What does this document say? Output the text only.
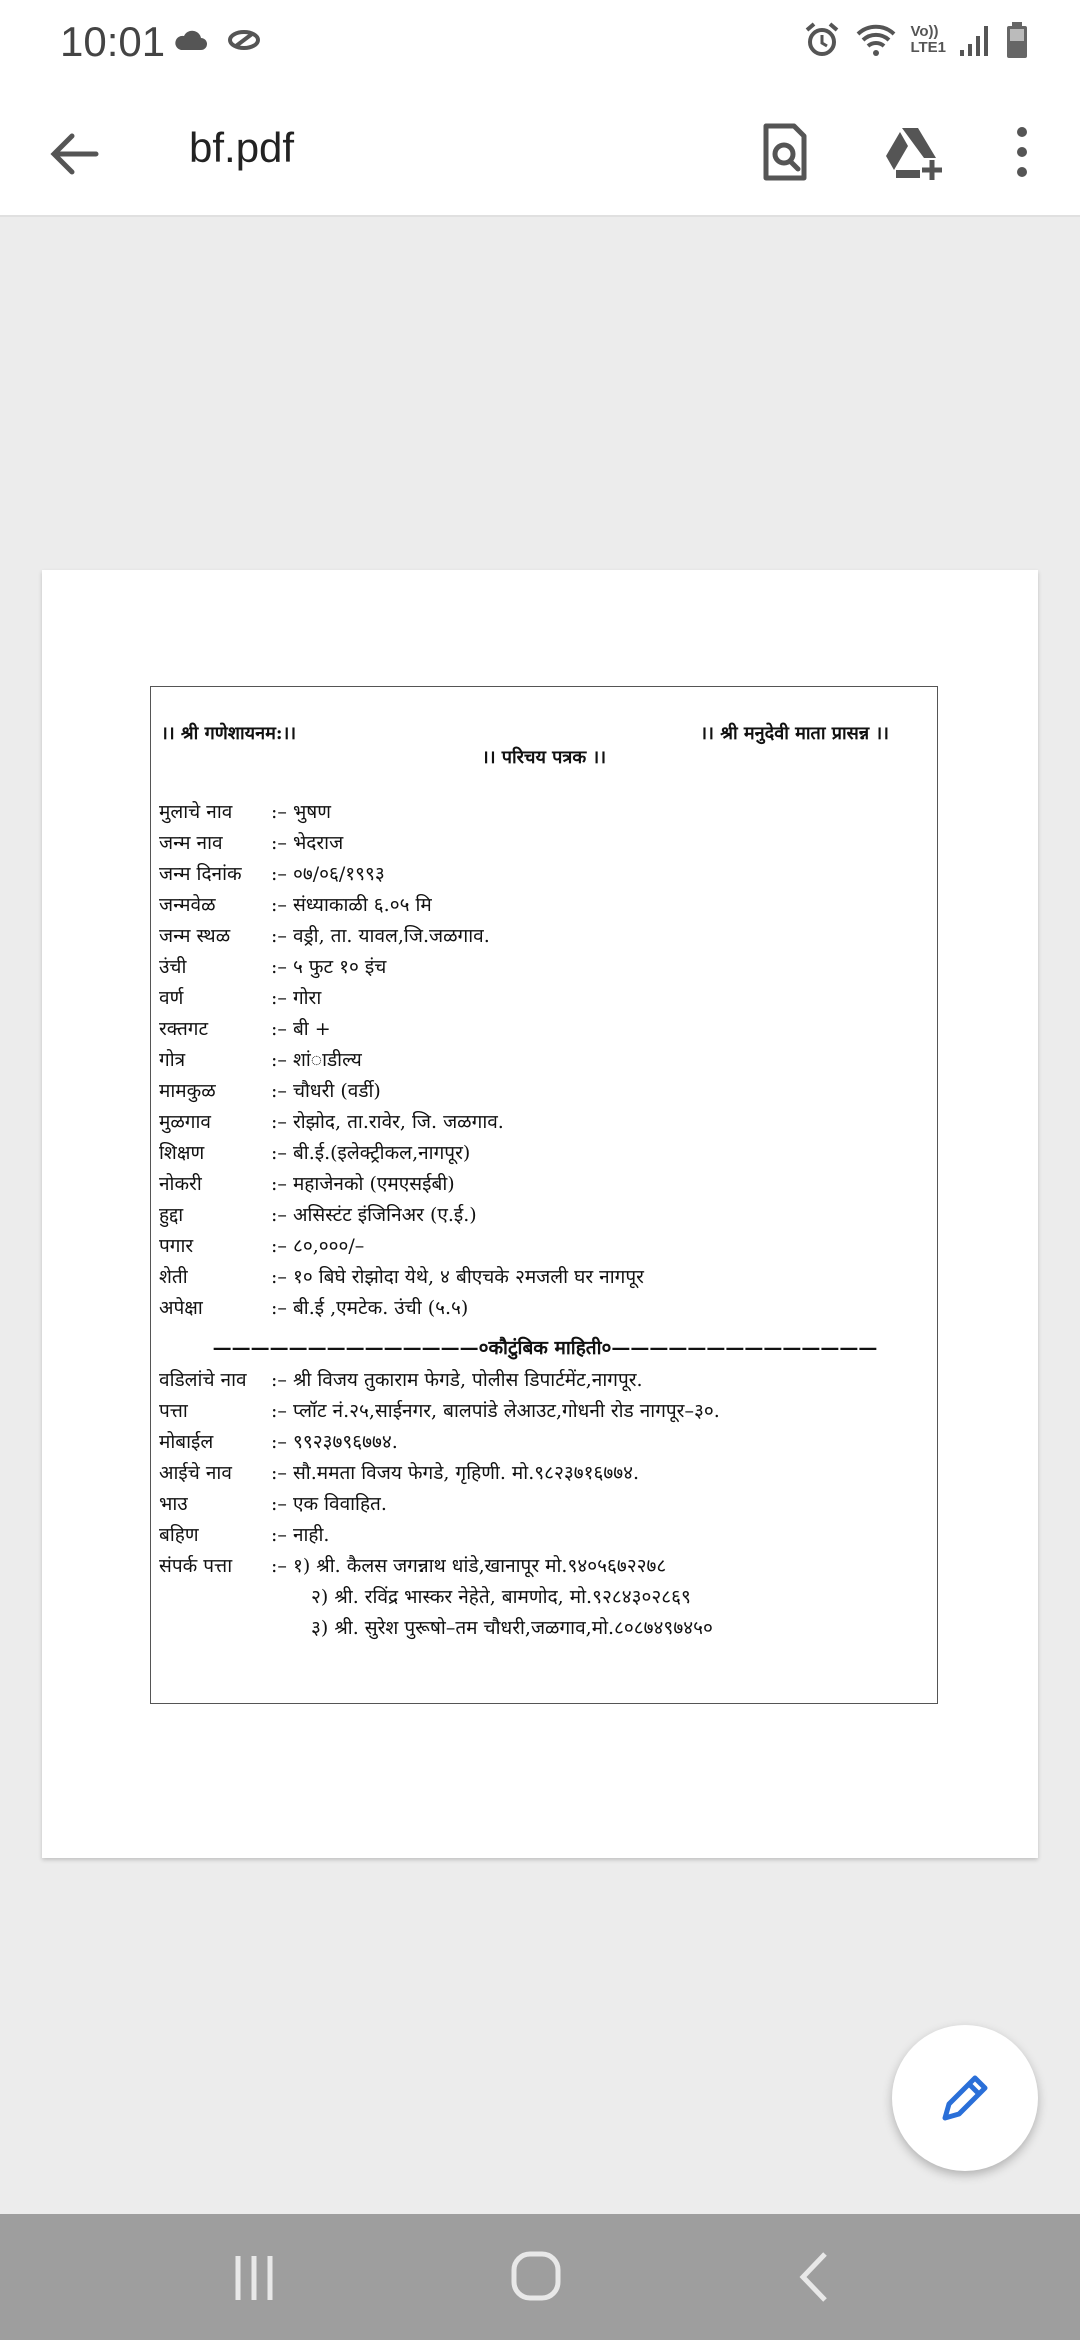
10:01	Vo))
LTE1
bf.pdf
।। श्री गणेशायनम:।।	।। श्री मनुदेवी माता प्रासन्न ।।
।। परिचय पत्रक ।।
मुलाचे नाव :– भुषण
जन्म नाव	:– भेदराज
जन्म दिनांक :– ०७/०६/१९९३
जन्मवेळ	:– संध्याकाळी ६.०५ मि
जन्म स्थळ :– वड्री, ता. यावल,जि.जळगाव.
उंची	:– ५ फुट १० इंच
वर्ण	:– गोरा
रक्तगट	:– बी +
गोत्र	:– शांाडील्य
मामकुळ	:– चौधरी (वर्डी)
मुळगाव	:– रोझोद, ता.रावेर, जि. जळगाव.
शिक्षण	:– बी.ई.(इलेक्ट्रीकल,नागपूर)
नोकरी	:– महाजेनको (एमएसईबी)
हुद्दा	:– असिस्टंट इंजिनिअर (ए.ई.)
पगार	:– ८०,०००/–
शेती	:– १० बिघे रोझोदा येथे, ४ बीएचके २मजली घर नागपूर
अपेक्षा	:– बी.ई ,एमटेक. उंची (५.५)
——————————————०कौटुंबिक माहिती०——————————————
वडिलांचे नाव :– श्री विजय तुकाराम फेगडे, पोलीस डिपार्टमेंट,नागपूर.
पत्ता	:– प्लॉट नं.२५,साईनगर, बालपांडे लेआउट,गोधनी रोड नागपूर–३०.
मोबाईल	:– ९९२३७९६७७४.
आईचे नाव :– सौ.ममता विजय फेगडे, गृहिणी. मो.९८२३७१६७७४.
भाउ	:– एक विवाहित.
बहिण	:– नाही.
संपर्क पत्ता :– १) श्री. कैलस जगन्नाथ धांडे,खानापूर मो.९४०५६७२२७८
२) श्री. रविंद्र भास्कर नेहेते, बामणोद, मो.९२८४३०२८६९
३) श्री. सुरेश पुरूषो–तम चौधरी,जळगाव,मो.८०८७४९७४५०
